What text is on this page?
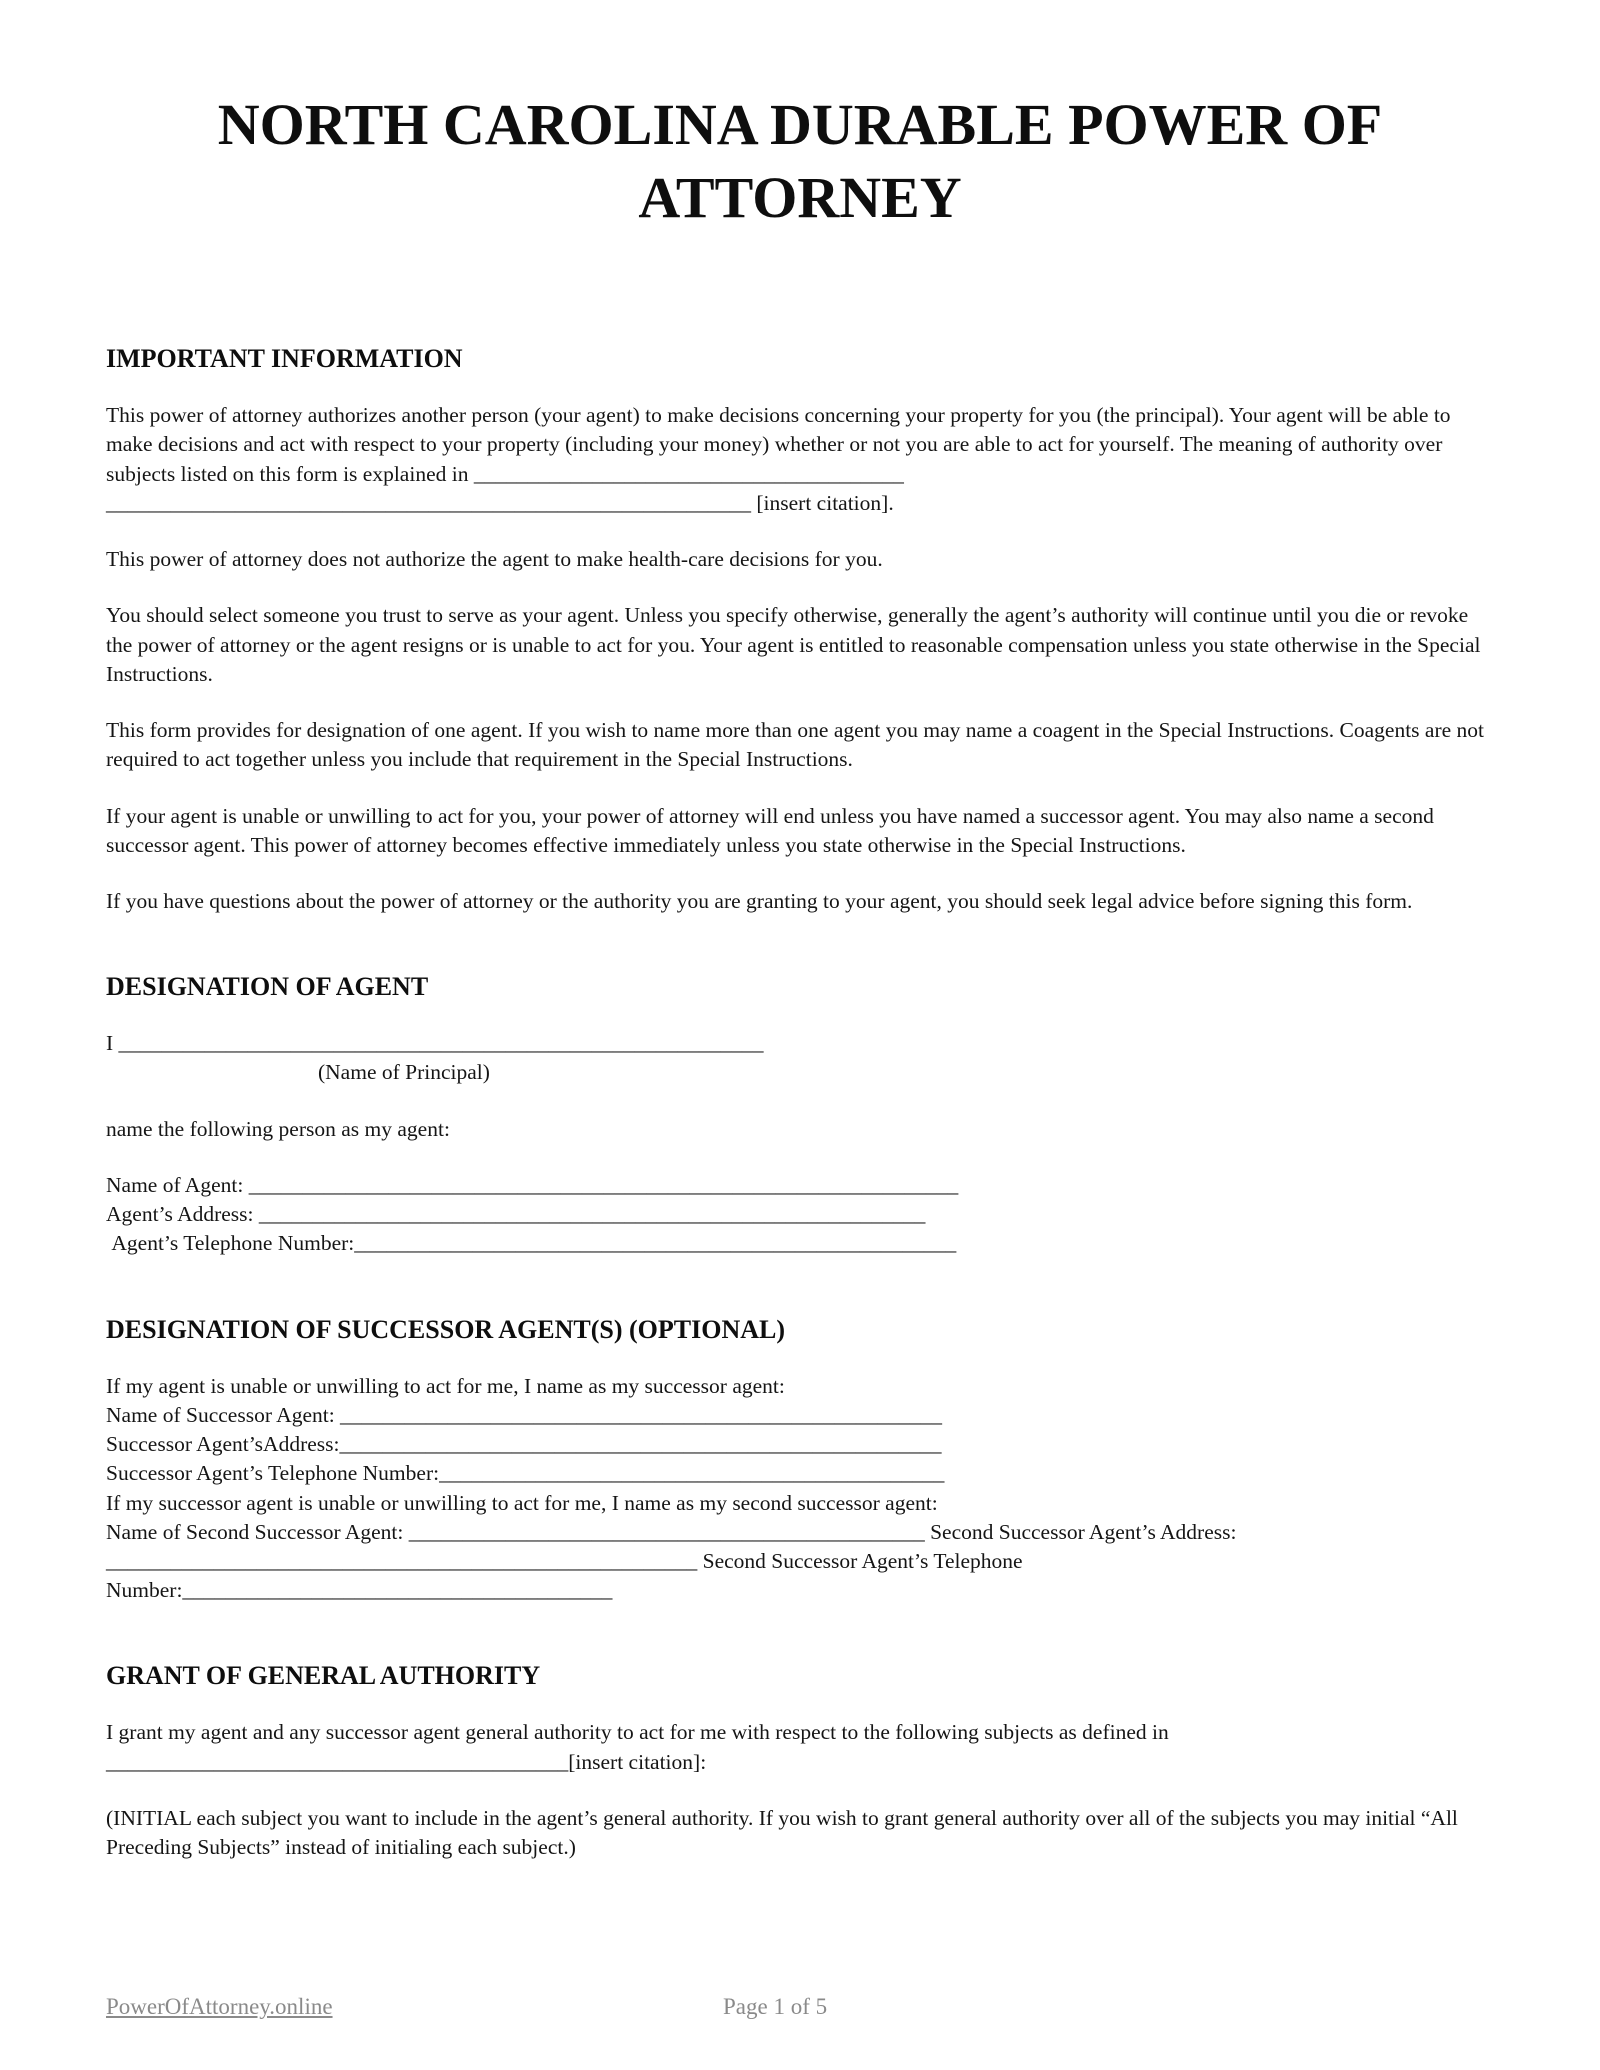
NORTH CAROLINA DURABLE POWER OF
ATTORNEY
IMPORTANT INFORMATION

This power of attorney authorizes another person (your agent) to make decisions concerning your property for you (the principal). Your agent will be able to make decisions and act with respect to your property (including your money) whether or not you are able to act for yourself. The meaning of authority over subjects listed on this form is explained in ________________________________________ ____________________________________________________________ [insert citation].

This power of attorney does not authorize the agent to make health-care decisions for you.

You should select someone you trust to serve as your agent. Unless you specify otherwise, generally the agent’s authority will continue until you die or revoke the power of attorney or the agent resigns or is unable to act for you. Your agent is entitled to reasonable compensation unless you state otherwise in the Special Instructions.

This form provides for designation of one agent. If you wish to name more than one agent you may name a coagent in the Special Instructions. Coagents are not required to act together unless you include that requirement in the Special Instructions.

If your agent is unable or unwilling to act for you, your power of attorney will end unless you have named a successor agent. You may also name a second successor agent. This power of attorney becomes effective immediately unless you state otherwise in the Special Instructions.

If you have questions about the power of attorney or the authority you are granting to your agent, you should seek legal advice before signing this form.

DESIGNATION OF AGENT

I ____________________________________________________________

(Name of Principal)

name the following person as my agent:

Name of Agent: __________________________________________________________________
Agent’s Address: ______________________________________________________________
Agent’s Telephone Number:________________________________________________________
DESIGNATION OF SUCCESSOR AGENT(S) (OPTIONAL)
If my agent is unable or unwilling to act for me, I name as my successor agent:
Name of Successor Agent: ________________________________________________________
Successor Agent’sAddress:________________________________________________________
Successor Agent’s Telephone Number:_______________________________________________
If my successor agent is unable or unwilling to act for me, I name as my second successor agent:
Name of Second Successor Agent: ________________________________________________ Second Successor Agent’s Address: _______________________________________________________ Second Successor Agent’s Telephone Number:________________________________________
GRANT OF GENERAL AUTHORITY

I grant my agent and any successor agent general authority to act for me with respect to the following subjects as defined in ___________________________________________[insert citation]:

(INITIAL each subject you want to include in the agent’s general authority. If you wish to grant general authority over all of the subjects you may initial “All Preceding Subjects” instead of initialing each subject.)

PowerOfAttorney.online	Page 1 of 5
